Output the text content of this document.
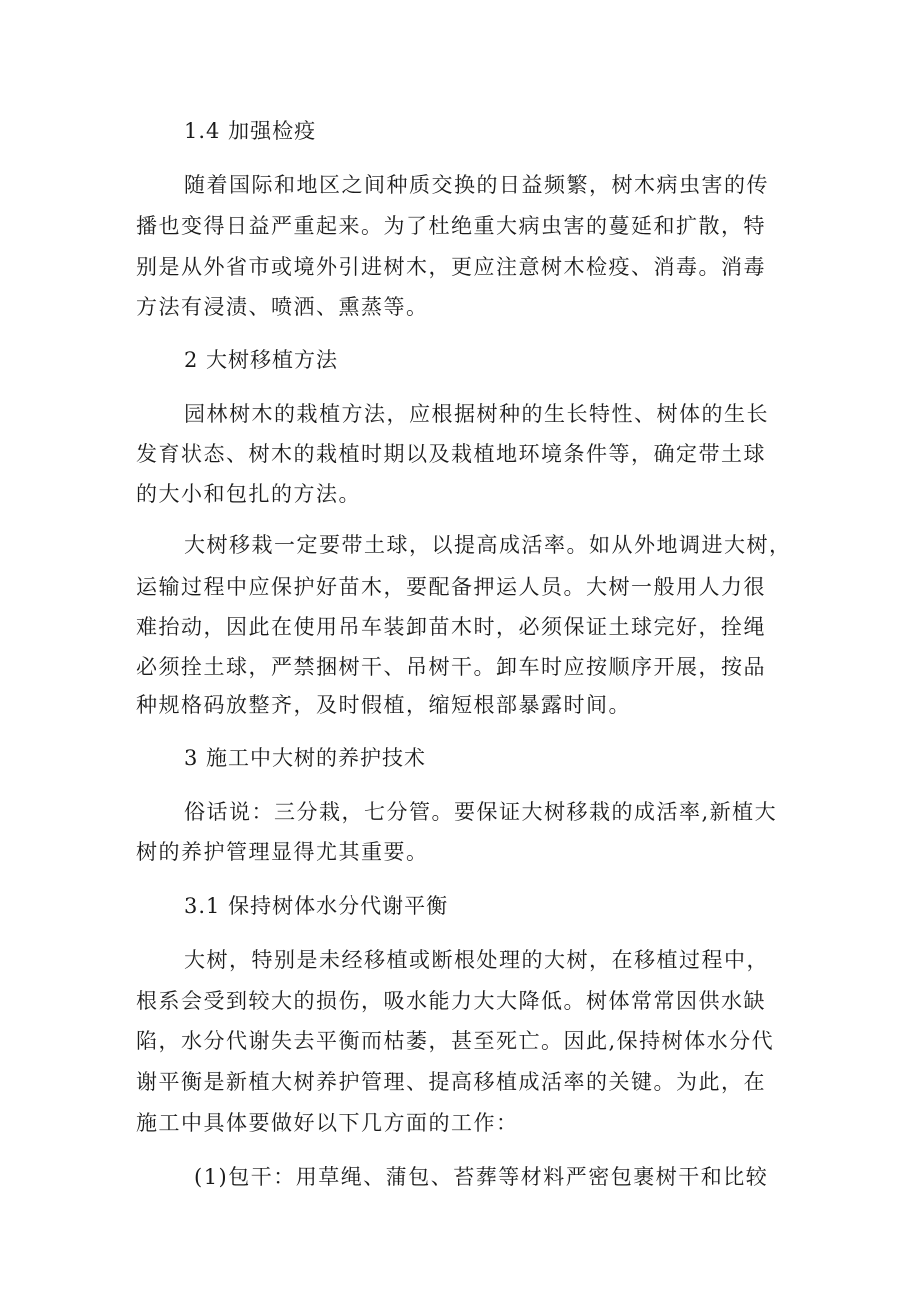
1.4 加强检疫

随着国际和地区之间种质交换的日益频繁，树木病虫害的传

播也变得日益严重起来。为了杜绝重大病虫害的蔓延和扩散，特

别是从外省市或境外引进树木，更应注意树木检疫、消毒。消毒

方法有浸渍、喷洒、熏蒸等。

2 大树移植方法

园林树木的栽植方法，应根据树种的生长特性、树体的生长

发育状态、树木的栽植时期以及栽植地环境条件等，确定带土球

的大小和包扎的方法。

大树移栽一定要带土球，以提高成活率。如从外地调进大树，

运输过程中应保护好苗木，要配备押运人员。大树一般用人力很

难抬动，因此在使用吊车装卸苗木时，必须保证土球完好，拴绳

必须拴土球，严禁捆树干、吊树干。卸车时应按顺序开展，按品

种规格码放整齐，及时假植，缩短根部暴露时间。

3 施工中大树的养护技术

俗话说：三分栽，七分管。要保证大树移栽的成活率,新植大

树的养护管理显得尤其重要。

3.1 保持树体水分代谢平衡

大树，特别是未经移植或断根处理的大树，在移植过程中，

根系会受到较大的损伤，吸水能力大大降低。树体常常因供水缺

陷，水分代谢失去平衡而枯萎，甚至死亡。因此,保持树体水分代

谢平衡是新植大树养护管理、提高移植成活率的关键。为此，在

施工中具体要做好以下几方面的工作：

(1)包干：用草绳、蒲包、苔葬等材料严密包裹树干和比较
